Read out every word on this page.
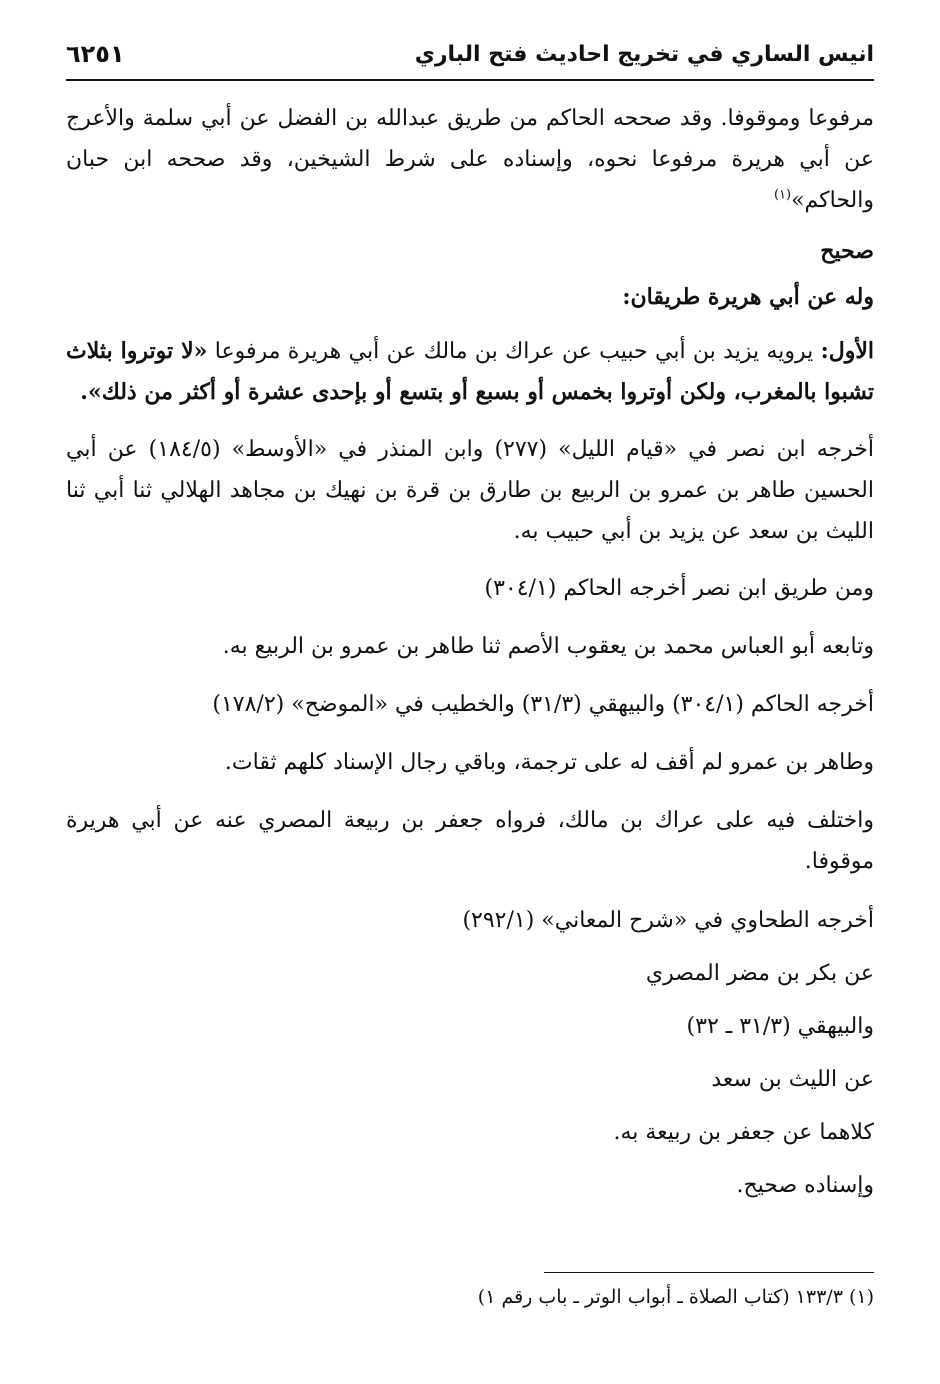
انيس الساري في تخريج احاديث فتح الباري
٦٢٥١

مرفوعا وموقوفا. وقد صححه الحاكم من طريق عبدالله بن الفضل عن أبي سلمة والأعرج عن أبي هريرة مرفوعا نحوه، وإسناده على شرط الشيخين، وقد صححه ابن حبان والحاكم»$^{(١)}$

صحيح

وله عن أبي هريرة طريقان:

الأول: يرويه يزيد بن أبي حبيب عن عراك بن مالك عن أبي هريرة مرفوعا «لا توتروا بثلاث تشبوا بالمغرب، ولكن أوتروا بخمس أو بسبع أو بتسع أو بإحدى عشرة أو أكثر من ذلك».

أخرجه ابن نصر في «قيام الليل» (٢٧٧) وابن المنذر في «الأوسط» (١٨٤/٥) عن أبي الحسين طاهر بن عمرو بن الربيع بن طارق بن قرة بن نهيك بن مجاهد الهلالي ثنا أبي ثنا الليث بن سعد عن يزيد بن أبي حبيب به.

ومن طريق ابن نصر أخرجه الحاكم (٣٠٤/١)

وتابعه أبو العباس محمد بن يعقوب الأصم ثنا طاهر بن عمرو بن الربيع به.

أخرجه الحاكم (٣٠٤/١) والبيهقي (٣١/٣) والخطيب في «الموضح» (١٧٨/٢)

وطاهر بن عمرو لم أقف له على ترجمة، وباقي رجال الإسناد كلهم ثقات.

واختلف فيه على عراك بن مالك، فرواه جعفر بن ربيعة المصري عنه عن أبي هريرة موقوفا.

أخرجه الطحاوي في «شرح المعاني» (٢٩٢/١)

عن بكر بن مضر المصري

والبيهقي (٣١/٣ ـ ٣٢)

عن الليث بن سعد

كلاهما عن جعفر بن ربيعة به.

وإسناده صحيح.

(١) ١٣٣/٣ (كتاب الصلاة ـ أبواب الوتر ـ باب رقم ١)
